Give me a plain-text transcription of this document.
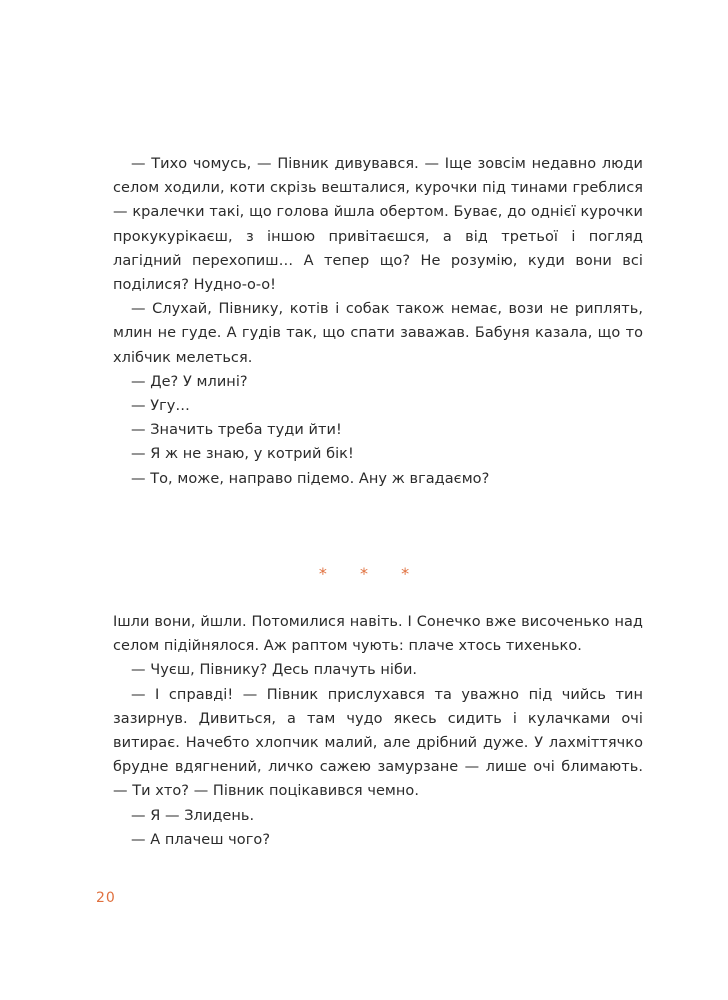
— Тихо чомусь, — Півник дивувався. — Іще зовсім недавно люди селом ходили, коти скрізь вешталися, курочки під тинами греблися — кралечки такі, що голова йшла обертом. Буває, до однієї курочки прокукурікаєш, з іншою привітаєшся, а від третьої і погляд лагідний перехопиш… А тепер що? Не розумію, куди вони всі поділися? Нудно-о-о!

— Слухай, Півнику, котів і собак також немає, вози не риплять, млин не гуде. А гудів так, що спати заважав. Бабуня казала, що то хлібчик мелеться.

— Де? У млині?

— Угу…

— Значить треба туди йти!

— Я ж не знаю, у котрий бік!

— То, може, направо підемо. Ану ж вгадаємо?

* * *

Ішли вони, йшли. Потомилися навіть. І Сонечко вже височенько над селом підійнялося. Аж раптом чують: плаче хтось тихенько.

— Чуєш, Півнику? Десь плачуть ніби.

— І справді! — Півник прислухався та уважно під чийсь тин зазирнув. Дивиться, а там чудо якесь сидить і кулачками очі витирає. Начебто хлопчик малий, але дрібний дуже. У лахміттячко брудне вдягнений, личко сажею замурзане — лише очі блимають. — Ти хто? — Півник поцікавився чемно.

— Я — Злидень.

— А плачеш чого?

20
